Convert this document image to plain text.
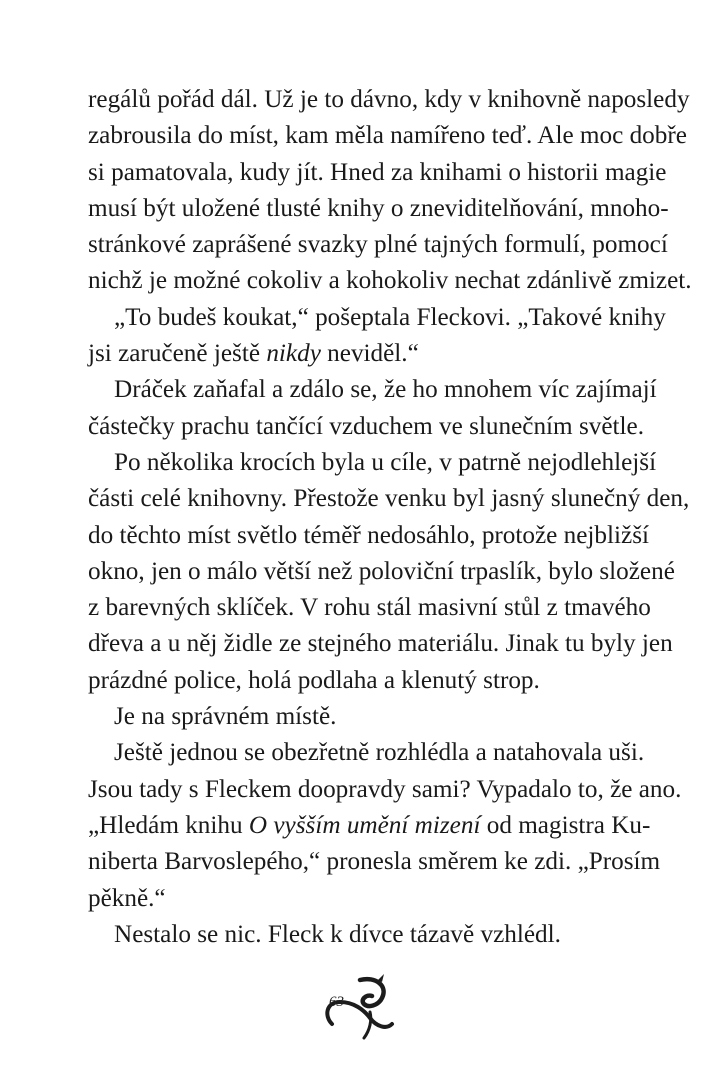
regálů pořád dál. Už je to dávno, kdy v knihovně naposledy
zabrousila do míst, kam měla namířeno teď. Ale moc dobře
si pamatovala, kudy jít. Hned za knihami o historii magie
musí být uložené tlusté knihy o zneviditelňování, mnoho-
stránkové zaprášené svazky plné tajných formulí, pomocí
nichž je možné cokoliv a kohokoliv nechat zdánlivě zmizet.
„To budeš koukat,“ pošeptala Fleckovi. „Takové knihy
jsi zaručeně ještě nikdy neviděl.“
Dráček zaňafal a zdálo se, že ho mnohem víc zajímají
částečky prachu tančící vzduchem ve slunečním světle.
Po několika krocích byla u cíle, v patrně nejodlehlejší
části celé knihovny. Přestože venku byl jasný slunečný den,
do těchto míst světlo téměř nedosáhlo, protože nejbližší
okno, jen o málo větší než poloviční trpaslík, bylo složené
z barevných sklíček. V rohu stál masivní stůl z tmavého
dřeva a u něj židle ze stejného materiálu. Jinak tu byly jen
prázdné police, holá podlaha a klenutý strop.
Je na správném místě.
Ještě jednou se obezřetně rozhlédla a natahovala uši.
Jsou tady s Fleckem doopravdy sami? Vypadalo to, že ano.
„Hledám knihu O vyšším umění mizení od magistra Ku-
niberta Barvoslepého,“ pronesla směrem ke zdi. „Prosím
pěkně.“
Nestalo se nic. Fleck k dívce tázavě vzhlédl.
63
